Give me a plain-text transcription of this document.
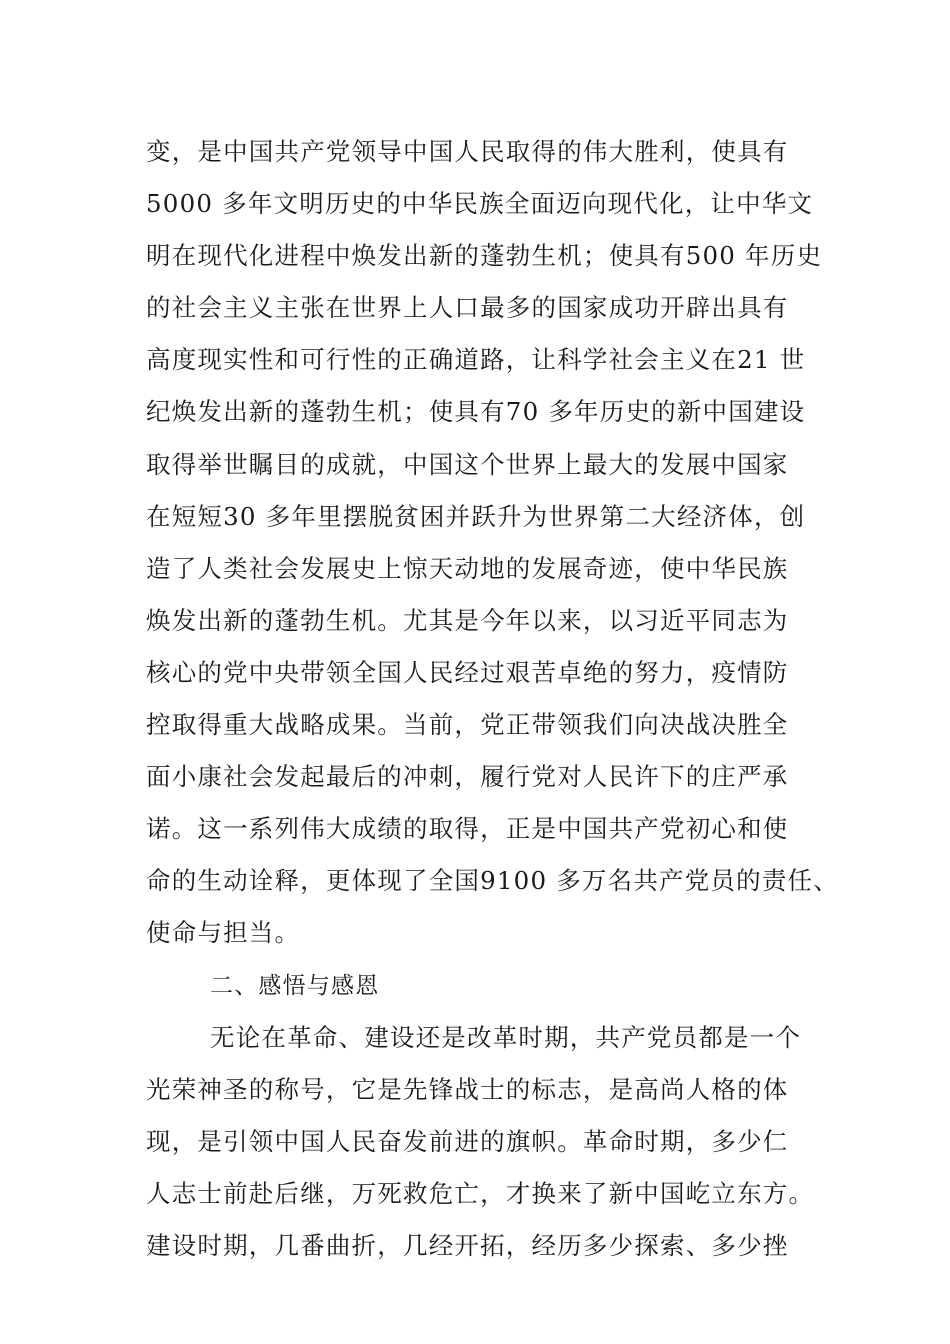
变，是中国共产党领导中国人民取得的伟大胜利，使具有
5000 多年文明历史的中华民族全面迈向现代化，让中华文
明在现代化进程中焕发出新的蓬勃生机；使具有500 年历史
的社会主义主张在世界上人口最多的国家成功开辟出具有
高度现实性和可行性的正确道路，让科学社会主义在21 世
纪焕发出新的蓬勃生机；使具有70 多年历史的新中国建设
取得举世瞩目的成就，中国这个世界上最大的发展中国家
在短短30 多年里摆脱贫困并跃升为世界第二大经济体，创
造了人类社会发展史上惊天动地的发展奇迹，使中华民族
焕发出新的蓬勃生机。尤其是今年以来，以习近平同志为
核心的党中央带领全国人民经过艰苦卓绝的努力，疫情防
控取得重大战略成果。当前，党正带领我们向决战决胜全
面小康社会发起最后的冲刺，履行党对人民许下的庄严承
诺。这一系列伟大成绩的取得，正是中国共产党初心和使
命的生动诠释，更体现了全国9100 多万名共产党员的责任、
使命与担当。
二、感悟与感恩
无论在革命、建设还是改革时期，共产党员都是一个
光荣神圣的称号，它是先锋战士的标志，是高尚人格的体
现，是引领中国人民奋发前进的旗帜。革命时期，多少仁
人志士前赴后继，万死救危亡，才换来了新中国屹立东方。
建设时期，几番曲折，几经开拓，经历多少探索、多少挫
